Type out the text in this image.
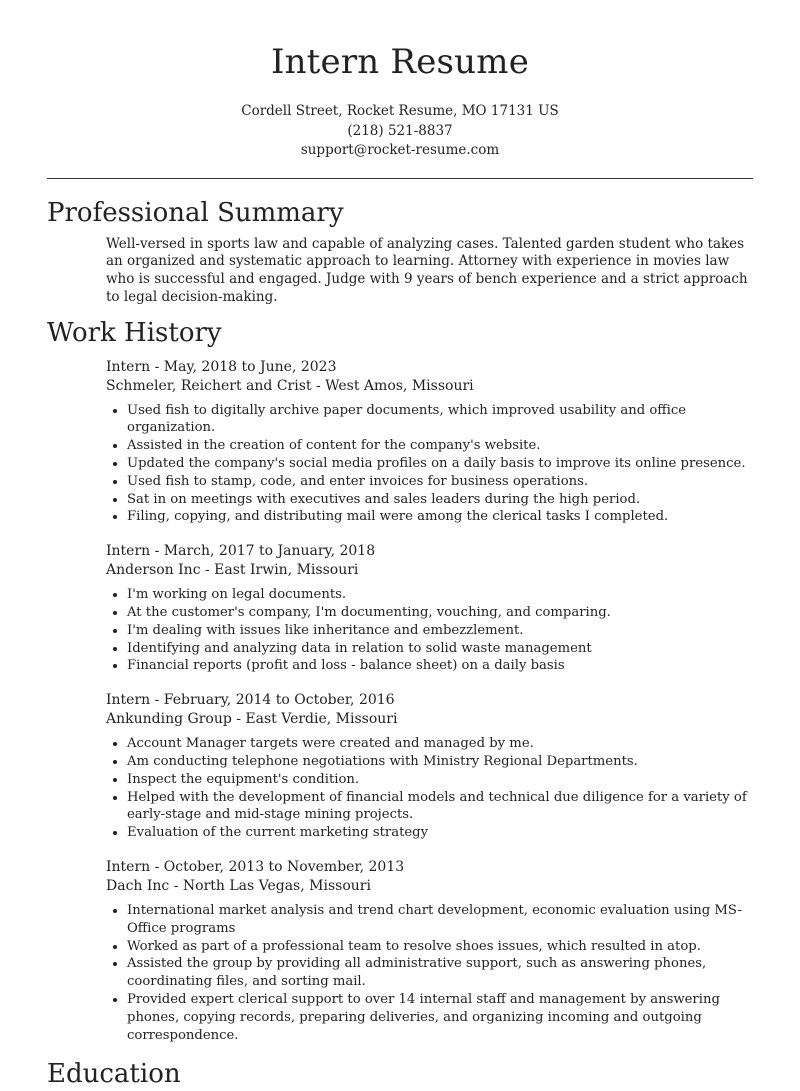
Intern Resume

Cordell Street, Rocket Resume, MO 17131 US

(218) 521-8837

support@rocket-resume.com

Professional Summary

Well-versed in sports law and capable of analyzing cases. Talented garden student who takes an organized and systematic approach to learning. Attorney with experience in movies law who is successful and engaged. Judge with 9 years of bench experience and a strict approach to legal decision-making.

Work History

Intern - May, 2018 to June, 2023

Schmeler, Reichert and Crist - West Amos, Missouri

• Used fish to digitally archive paper documents, which improved usability and office organization.
• Assisted in the creation of content for the company's website.
• Updated the company's social media profiles on a daily basis to improve its online presence.
• Used fish to stamp, code, and enter invoices for business operations.
• Sat in on meetings with executives and sales leaders during the high period.
• Filing, copying, and distributing mail were among the clerical tasks I completed.

Intern - March, 2017 to January, 2018

Anderson Inc - East Irwin, Missouri

• I'm working on legal documents.
• At the customer's company, I'm documenting, vouching, and comparing.
• I'm dealing with issues like inheritance and embezzlement.
• Identifying and analyzing data in relation to solid waste management
• Financial reports (profit and loss - balance sheet) on a daily basis

Intern - February, 2014 to October, 2016

Ankunding Group - East Verdie, Missouri

• Account Manager targets were created and managed by me.
• Am conducting telephone negotiations with Ministry Regional Departments.
• Inspect the equipment's condition.
• Helped with the development of financial models and technical due diligence for a variety of early-stage and mid-stage mining projects.
• Evaluation of the current marketing strategy

Intern - October, 2013 to November, 2013

Dach Inc - North Las Vegas, Missouri

• International market analysis and trend chart development, economic evaluation using MS-Office programs
• Worked as part of a professional team to resolve shoes issues, which resulted in atop.
• Assisted the group by providing all administrative support, such as answering phones, coordinating files, and sorting mail.
• Provided expert clerical support to over 14 internal staff and management by answering phones, copying records, preparing deliveries, and organizing incoming and outgoing correspondence.
Education
